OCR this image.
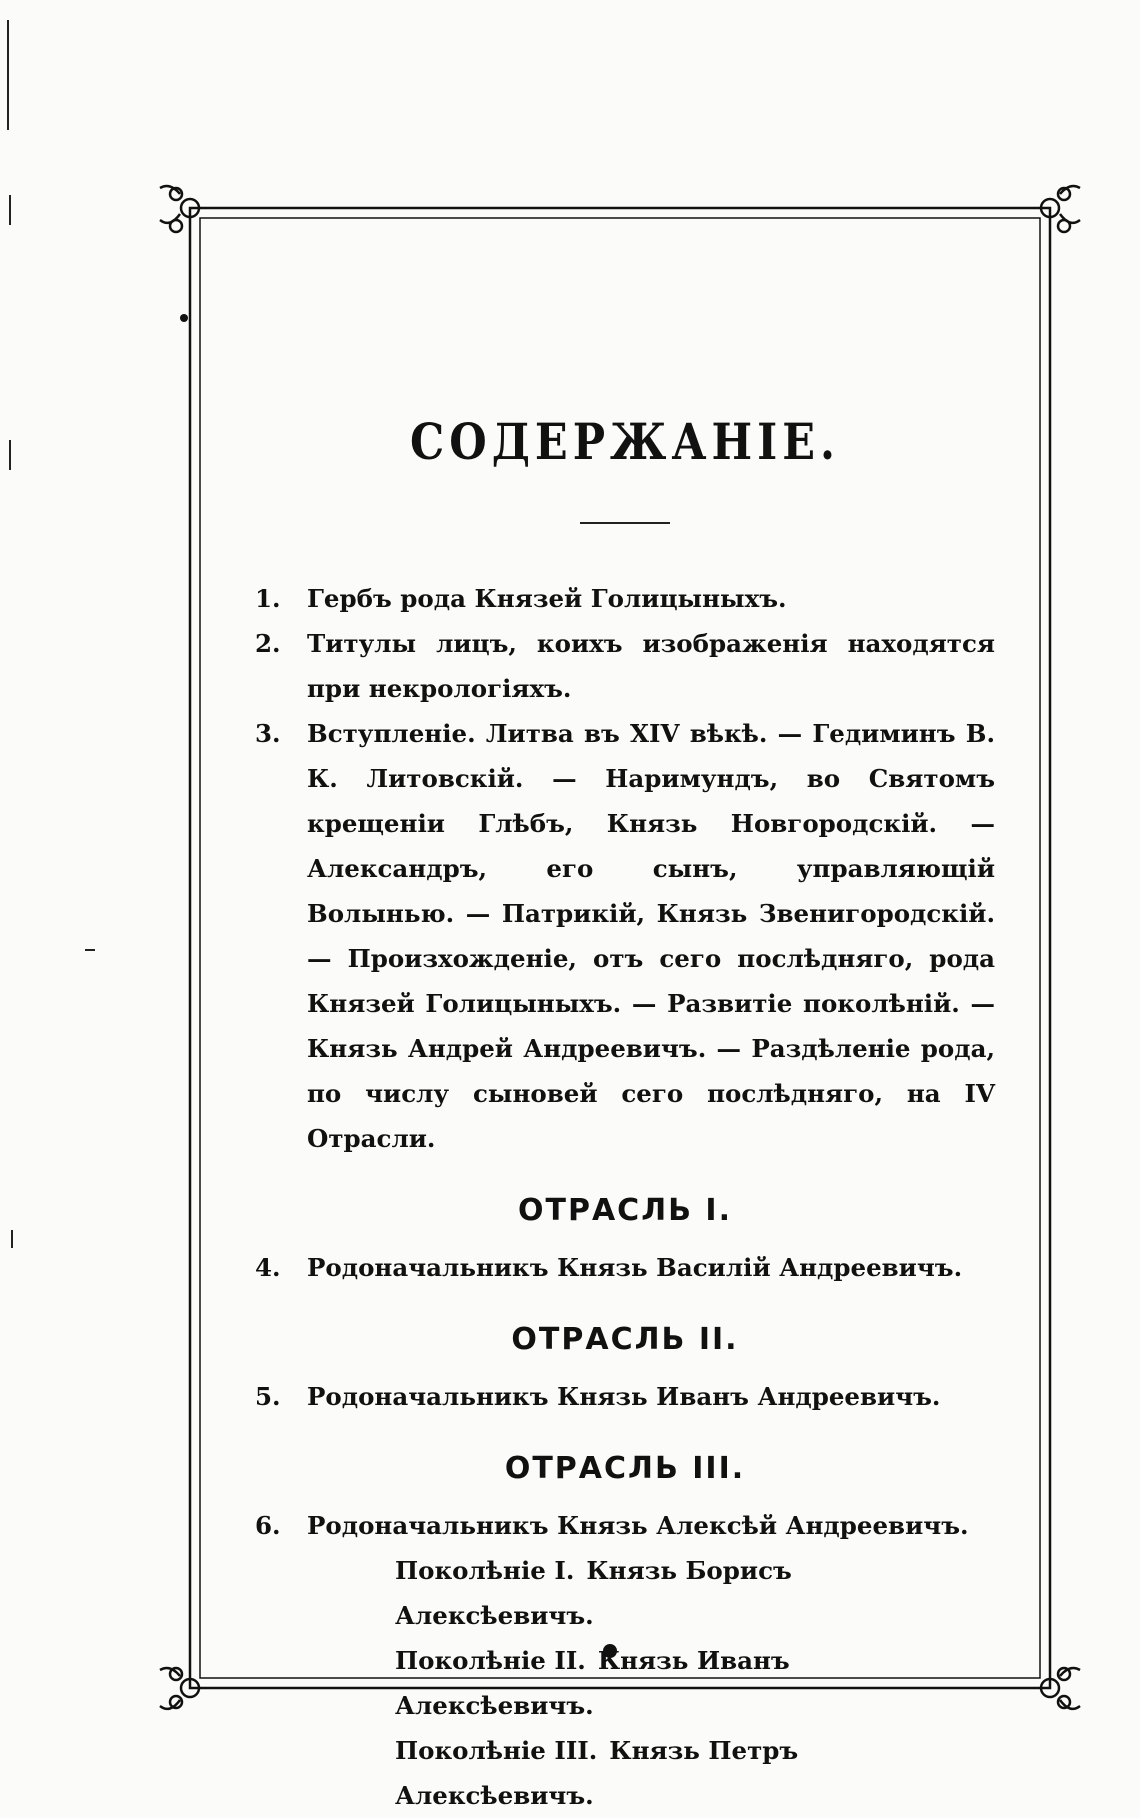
СОДЕРЖАНІЕ.
1.	Гербъ рода Князей Голицыныхъ.
2.	Титулы лицъ, коихъ изображенія находятся при некрологіяхъ.
3.	Вступленіе. Литва въ XIV вѣкѣ. — Гедиминъ В. К. Литовскій. — Наримундъ, во Святомъ крещеніи Глѣбъ, Князь Новгородскій. — Александръ, его сынъ, управляющій Волынью. — Патрикій, Князь Звенигородскій. — Произхожденіе, отъ сего послѣдняго, рода Князей Голицыныхъ. — Развитіе поколѣній. — Князь Андрей Андреевичъ. — Раздѣленіе рода, по числу сыновей сего послѣдняго, на IV Отрасли.
ОТРАСЛЬ I.
4.	Родоначальникъ Князь Василій Андреевичъ.
ОТРАСЛЬ II.
5.	Родоначальникъ Князь Иванъ Андреевичъ.
ОТРАСЛЬ III.
6.	Родоначальникъ Князь Алексѣй Андреевичъ.
Поколѣніе I. Князь Борисъ Алексѣевичъ.
Поколѣніе II. Князь Иванъ Алексѣевичъ.
Поколѣніе III. Князь Петръ Алексѣевичъ.
